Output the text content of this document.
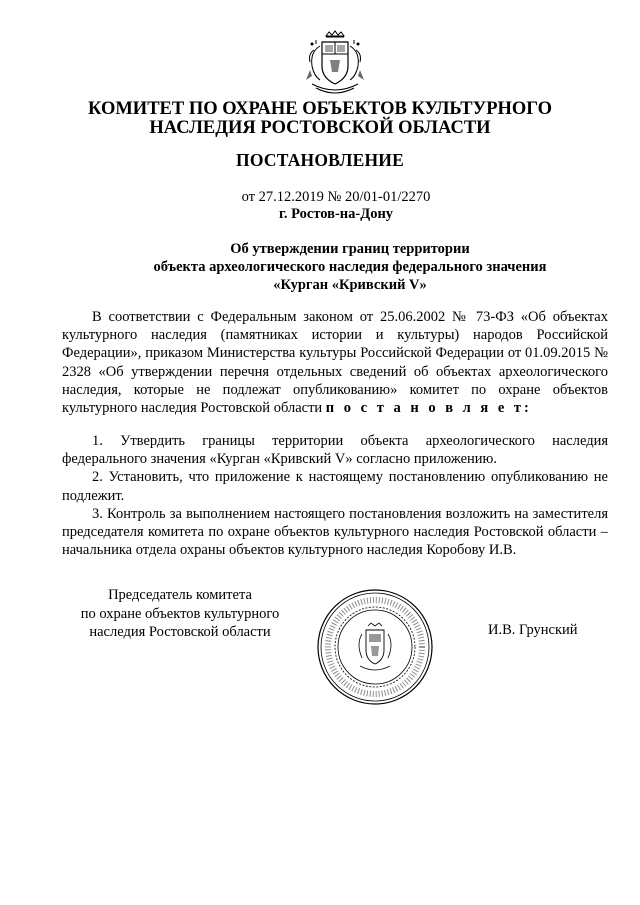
КОМИТЕТ ПО ОХРАНЕ ОБЪЕКТОВ КУЛЬТУРНОГО
НАСЛЕДИЯ РОСТОВСКОЙ ОБЛАСТИ
ПОСТАНОВЛЕНИЕ
от 27.12.2019 № 20/01-01/2270
г. Ростов-на-Дону
Об утверждении границ территории
объекта археологического наследия федерального значения
«Курган «Кривский V»
В соответствии с Федеральным законом от 25.06.2002 № 73-ФЗ «Об объектах культурного наследия (памятниках истории и культуры) народов Российской Федерации», приказом Министерства культуры Российской Федерации от 01.09.2015 № 2328 «Об утверждении перечня отдельных сведений об объектах археологического наследия, которые не подлежат опубликованию» комитет по охране объектов культурного наследия Ростовской области п о с т а н о в л я е т:

1. Утвердить границы территории объекта археологического наследия федерального значения «Курган «Кривский V» согласно приложению.

2. Установить, что приложение к настоящему постановлению опубликованию не подлежит.

3. Контроль за выполнением настоящего постановления возложить на заместителя председателя комитета по охране объектов культурного наследия Ростовской области – начальника отдела охраны объектов культурного наследия Коробову И.В.

Председатель комитета
по охране объектов культурного
наследия Ростовской области	И.В. Грунский
